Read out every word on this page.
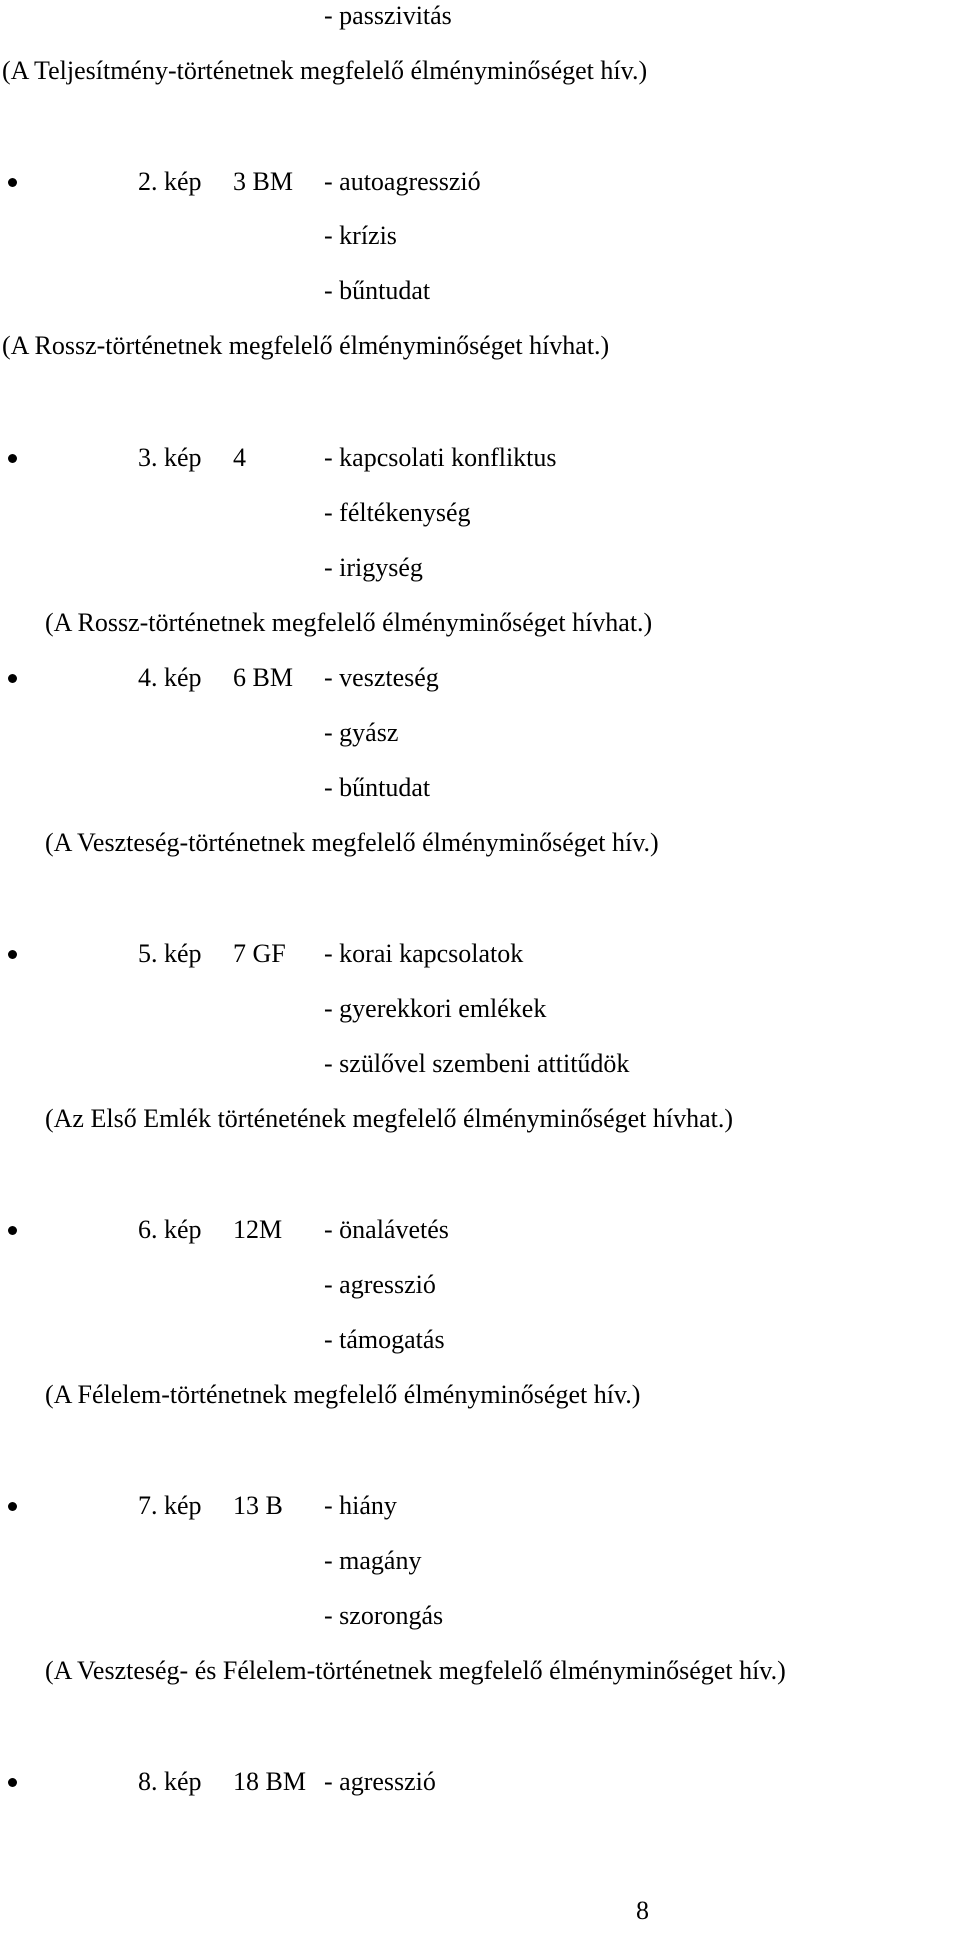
- passzivitás
(A Teljesítmény-történetnek megfelelő élményminőséget hív.)
2. kép 3 BM - autoagresszió
- krízis
- bűntudat
(A Rossz-történetnek megfelelő élményminőséget hívhat.)
3. kép 4	- kapcsolati konfliktus
- féltékenység
- irigység
(A Rossz-történetnek megfelelő élményminőséget hívhat.)
4. kép 6 BM - veszteség
- gyász
- bűntudat
(A Veszteség-történetnek megfelelő élményminőséget hív.)
5. kép 7 GF - korai kapcsolatok
- gyerekkori emlékek
- szülővel szembeni attitűdök
(Az Első Emlék történetének megfelelő élményminőséget hívhat.)
6. kép 12M - önalávetés
- agresszió
- támogatás
(A Félelem-történetnek megfelelő élményminőséget hív.)
7. kép 13 B - hiány
- magány
- szorongás
(A Veszteség- és Félelem-történetnek megfelelő élményminőséget hív.)
8. kép 18 BM - agresszió
8
